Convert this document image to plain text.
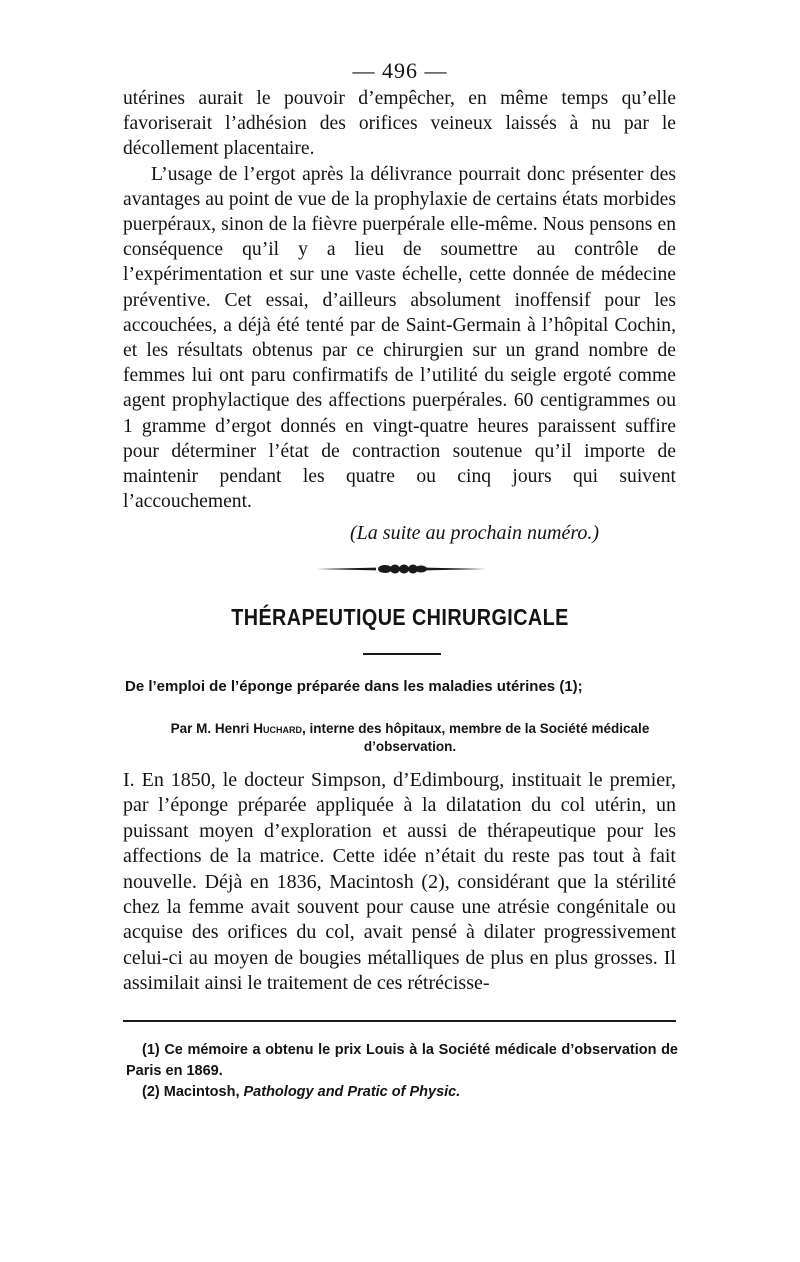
— 496 —

utérines aurait le pouvoir d’empêcher, en même temps qu’elle favoriserait l’adhésion des orifices veineux laissés à nu par le décollement placentaire.

L’usage de l’ergot après la délivrance pourrait donc présenter des avantages au point de vue de la prophylaxie de certains états morbides puerpéraux, sinon de la fièvre puerpérale elle-même. Nous pensons en conséquence qu’il y a lieu de soumettre au contrôle de l’expérimentation et sur une vaste échelle, cette donnée de médecine préventive. Cet essai, d’ailleurs absolument inoffensif pour les accouchées, a déjà été tenté par de Saint-Germain à l’hôpital Cochin, et les résultats obtenus par ce chirurgien sur un grand nombre de femmes lui ont paru confirmatifs de l’utilité du seigle ergoté comme agent prophylactique des affections puerpérales. 60 centigrammes ou 1 gramme d’ergot donnés en vingt-quatre heures paraissent suffire pour déterminer l’état de contraction soutenue qu’il importe de maintenir pendant les quatre ou cinq jours qui suivent l’accouchement.

(La suite au prochain numéro.)
THÉRAPEUTIQUE CHIRURGICALE
De l’emploi de l’éponge préparée dans les maladies utérines (1);
Par M. Henri Huchard, interne des hôpitaux, membre de la Société médicale d’observation.

I. En 1850, le docteur Simpson, d’Edimbourg, instituait le premier, par l’éponge préparée appliquée à la dilatation du col utérin, un puissant moyen d’exploration et aussi de thérapeutique pour les affections de la matrice. Cette idée n’était du reste pas tout à fait nouvelle. Déjà en 1836, Macintosh (2), considérant que la stérilité chez la femme avait souvent pour cause une atrésie congénitale ou acquise des orifices du col, avait pensé à dilater progressivement celui-ci au moyen de bougies métalliques de plus en plus grosses. Il assimilait ainsi le traitement de ces rétrécisse-

(1) Ce mémoire a obtenu le prix Louis à la Société médicale d’observation de Paris en 1869.

(2) Macintosh, Pathology and Pratic of Physic.
